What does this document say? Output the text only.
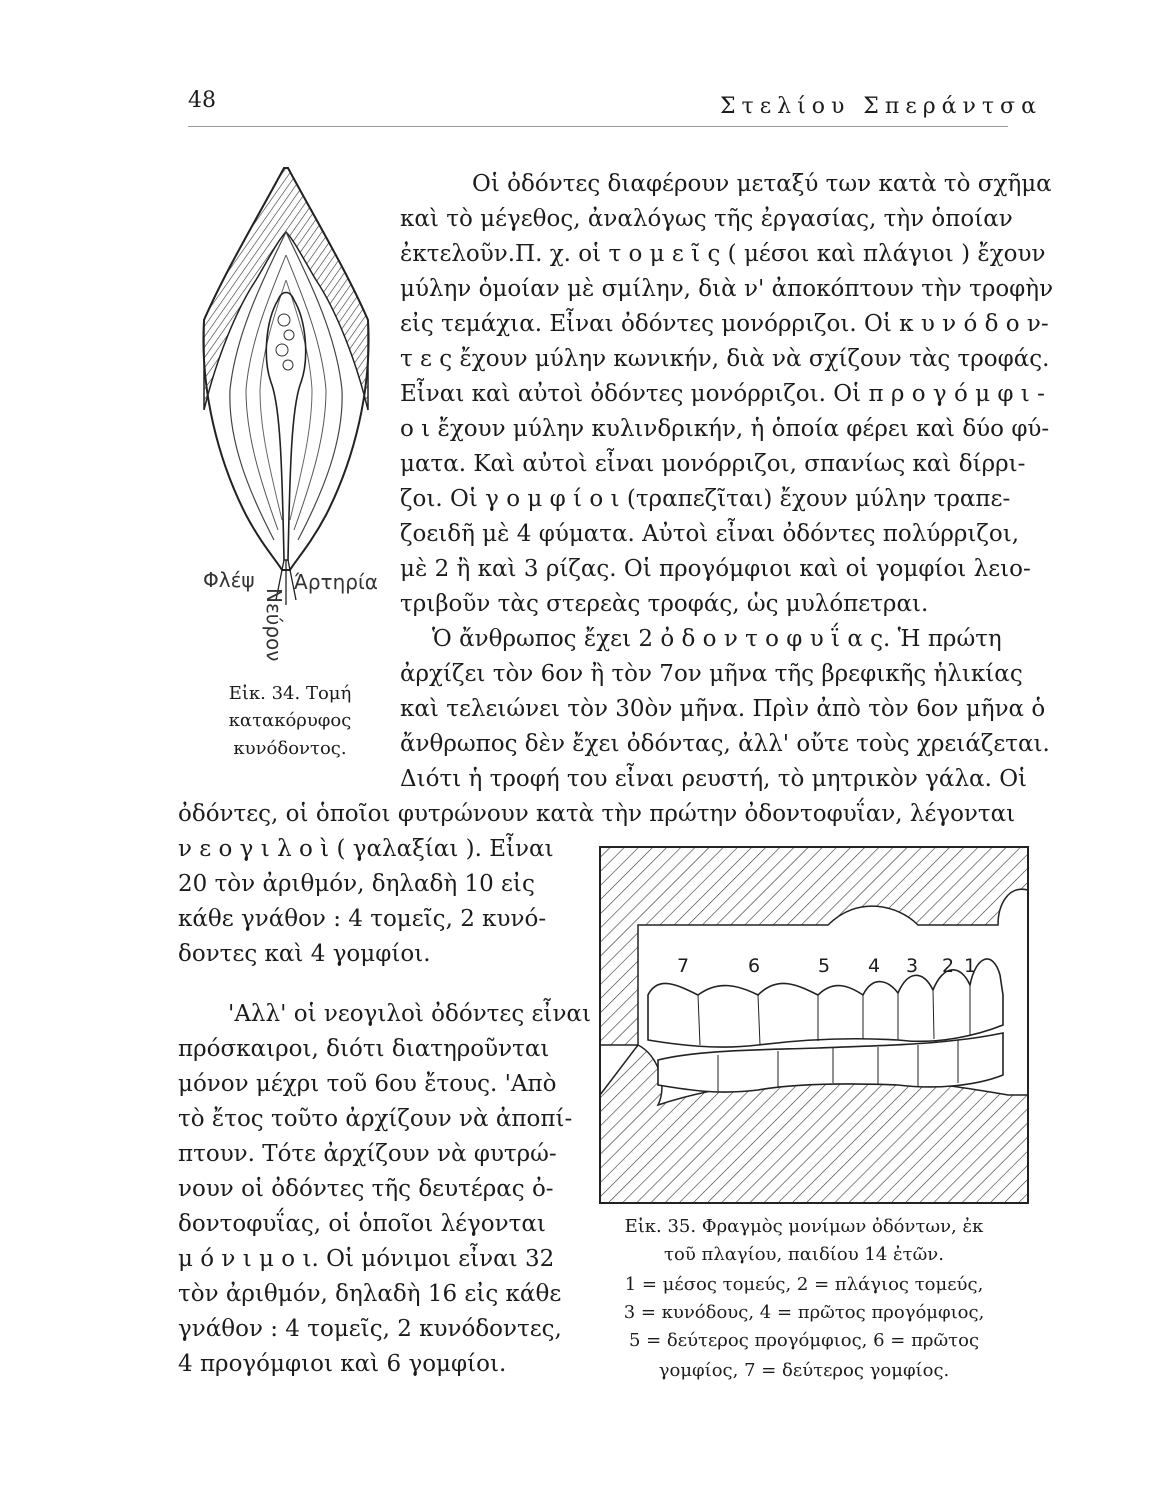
48	Στελίου Σπεράντσα
Φλέψ Άρτηρία
Νεύρον
Εἰκ. 34. Τομή
κατακόρυφος
κυνόδοντος.
Οἱ ὀδόντες διαφέρουν μεταξύ των κατὰ τὸ σχῆμα
καὶ τὸ μέγεθος, ἀναλόγως τῆς ἐργασίας, τὴν ὁποίαν
ἐκτελοῦν.Π. χ. οἱ τ ο μ ε ῖ ς ( μέσοι καὶ πλάγιοι ) ἔχουν
μύλην ὁμοίαν μὲ σμίλην, διὰ ν' ἀποκόπτουν τὴν τροφὴν
εἰς τεμάχια. Εἶναι ὀδόντες μονόρριζοι. Οἱ κ υ ν ό δ ο ν-
τ ε ς ἔχουν μύλην κωνικήν, διὰ νὰ σχίζουν τὰς τροφάς.
Εἶναι καὶ αὐτοὶ ὀδόντες μονόρριζοι. Οἱ π ρ ο γ ό μ φ ι -
ο ι ἔχουν μύλην κυλινδρικήν, ἡ ὁποία φέρει καὶ δύο φύ-
ματα. Καὶ αὐτοὶ εἶναι μονόρριζοι, σπανίως καὶ δίρρι-
ζοι. Οἱ γ ο μ φ ί ο ι (τραπεζῖται) ἔχουν μύλην τραπε-
ζοειδῆ μὲ 4 φύματα. Αὐτοὶ εἶναι ὀδόντες πολύρριζοι,
μὲ 2 ἢ καὶ 3 ρίζας. Οἱ προγόμφιοι καὶ οἱ γομφίοι λειο-
τριβοῦν τὰς στερεὰς τροφάς, ὡς μυλόπετραι.
Ὁ ἄνθρωπος ἔχει 2 ὀ δ ο ν τ ο φ υ ΐ α ς. Ἡ πρώτη
ἀρχίζει τὸν 6ον ἢ τὸν 7ον μῆνα τῆς βρεφικῆς ἡλικίας
καὶ τελειώνει τὸν 30ὸν μῆνα. Πρὶν ἀπὸ τὸν 6ον μῆνα ὁ
ἄνθρωπος δὲν ἔχει ὀδόντας, ἀλλ' οὔτε τοὺς χρειάζεται.
Διότι ἡ τροφή του εἶναι ρευστή, τὸ μητρικὸν γάλα. Οἱ
ὀδόντες, οἱ ὁποῖοι φυτρώνουν κατὰ τὴν πρώτην ὀδοντοφυΐαν, λέγονται
ν ε ο γ ι λ ο ὶ ( γαλαξίαι ). Εἶναι
20 τὸν ἀριθμόν, δηλαδὴ 10 εἰς
κάθε γνάθον : 4 τομεῖς, 2 κυνό-
δοντες καὶ 4 γομφίοι.
'Αλλ' οἱ νεογιλοὶ ὀδόντες εἶναι
πρόσκαιροι, διότι διατηροῦνται
μόνον μέχρι τοῦ 6ου ἔτους. 'Απὸ
τὸ ἔτος τοῦτο ἀρχίζουν νὰ ἀποπί-
πτουν. Τότε ἀρχίζουν νὰ φυτρώ-
νουν οἱ ὀδόντες τῆς δευτέρας ὀ-
δοντοφυΐας, οἱ ὁποῖοι λέγονται
μ ό ν ι μ ο ι. Οἱ μόνιμοι εἶναι 32
τὸν ἀριθμόν, δηλαδὴ 16 εἰς κάθε
γνάθον : 4 τομεῖς, 2 κυνόδοντες,
4 προγόμφιοι καὶ 6 γομφίοι.
7	6	5 4 3 2 1
Εἰκ. 35. Φραγμὸς μονίμων ὀδόντων, ἐκ
τοῦ πλαγίου, παιδίου 14 ἐτῶν.
1 = μέσος τομεύς, 2 = πλάγιος τομεύς,
3 = κυνόδους, 4 = πρῶτος προγόμφιος,
5 = δεύτερος προγόμφιος, 6 = πρῶτος
γομφίος, 7 = δεύτερος γομφίος.
